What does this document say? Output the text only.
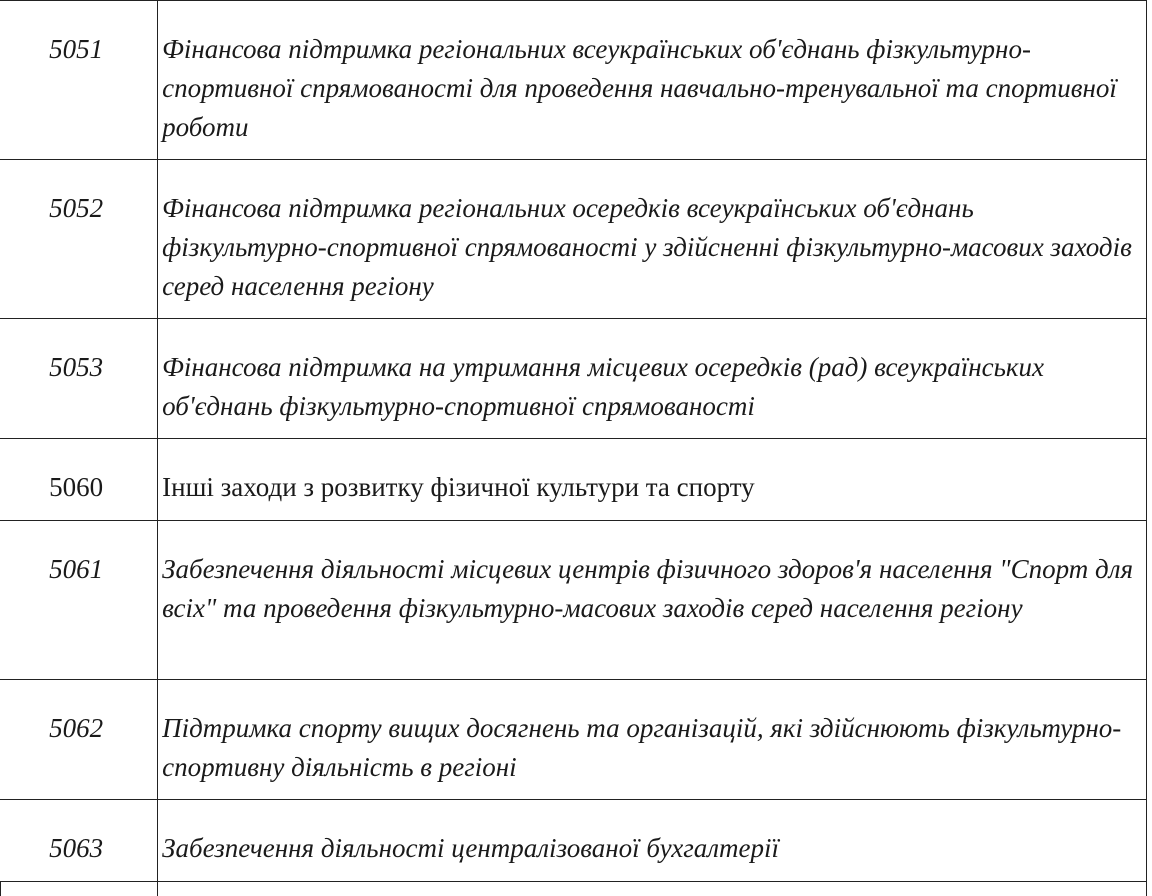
5051	Фінансова підтримка регіональних всеукраїнських об'єднань фізкультурно-спортивної спрямованості для проведення навчально-тренувальної та спортивної роботи
5052	Фінансова підтримка регіональних осередків всеукраїнських об'єднань фізкультурно-спортивної спрямованості у здійсненні фізкультурно-масових заходів серед населення регіону
5053	Фінансова підтримка на утримання місцевих осередків (рад) всеукраїнських об'єднань фізкультурно-спортивної спрямованості
5060	Інші заходи з розвитку фізичної культури та спорту
5061	Забезпечення діяльності місцевих центрів фізичного здоров'я населення "Спорт для всіх" та проведення фізкультурно-масових заходів серед населення регіону
5062	Підтримка спорту вищих досягнень та організацій, які здійснюють фізкультурно-спортивну діяльність в регіоні
5063	Забезпечення діяльності централізованої бухгалтерії
